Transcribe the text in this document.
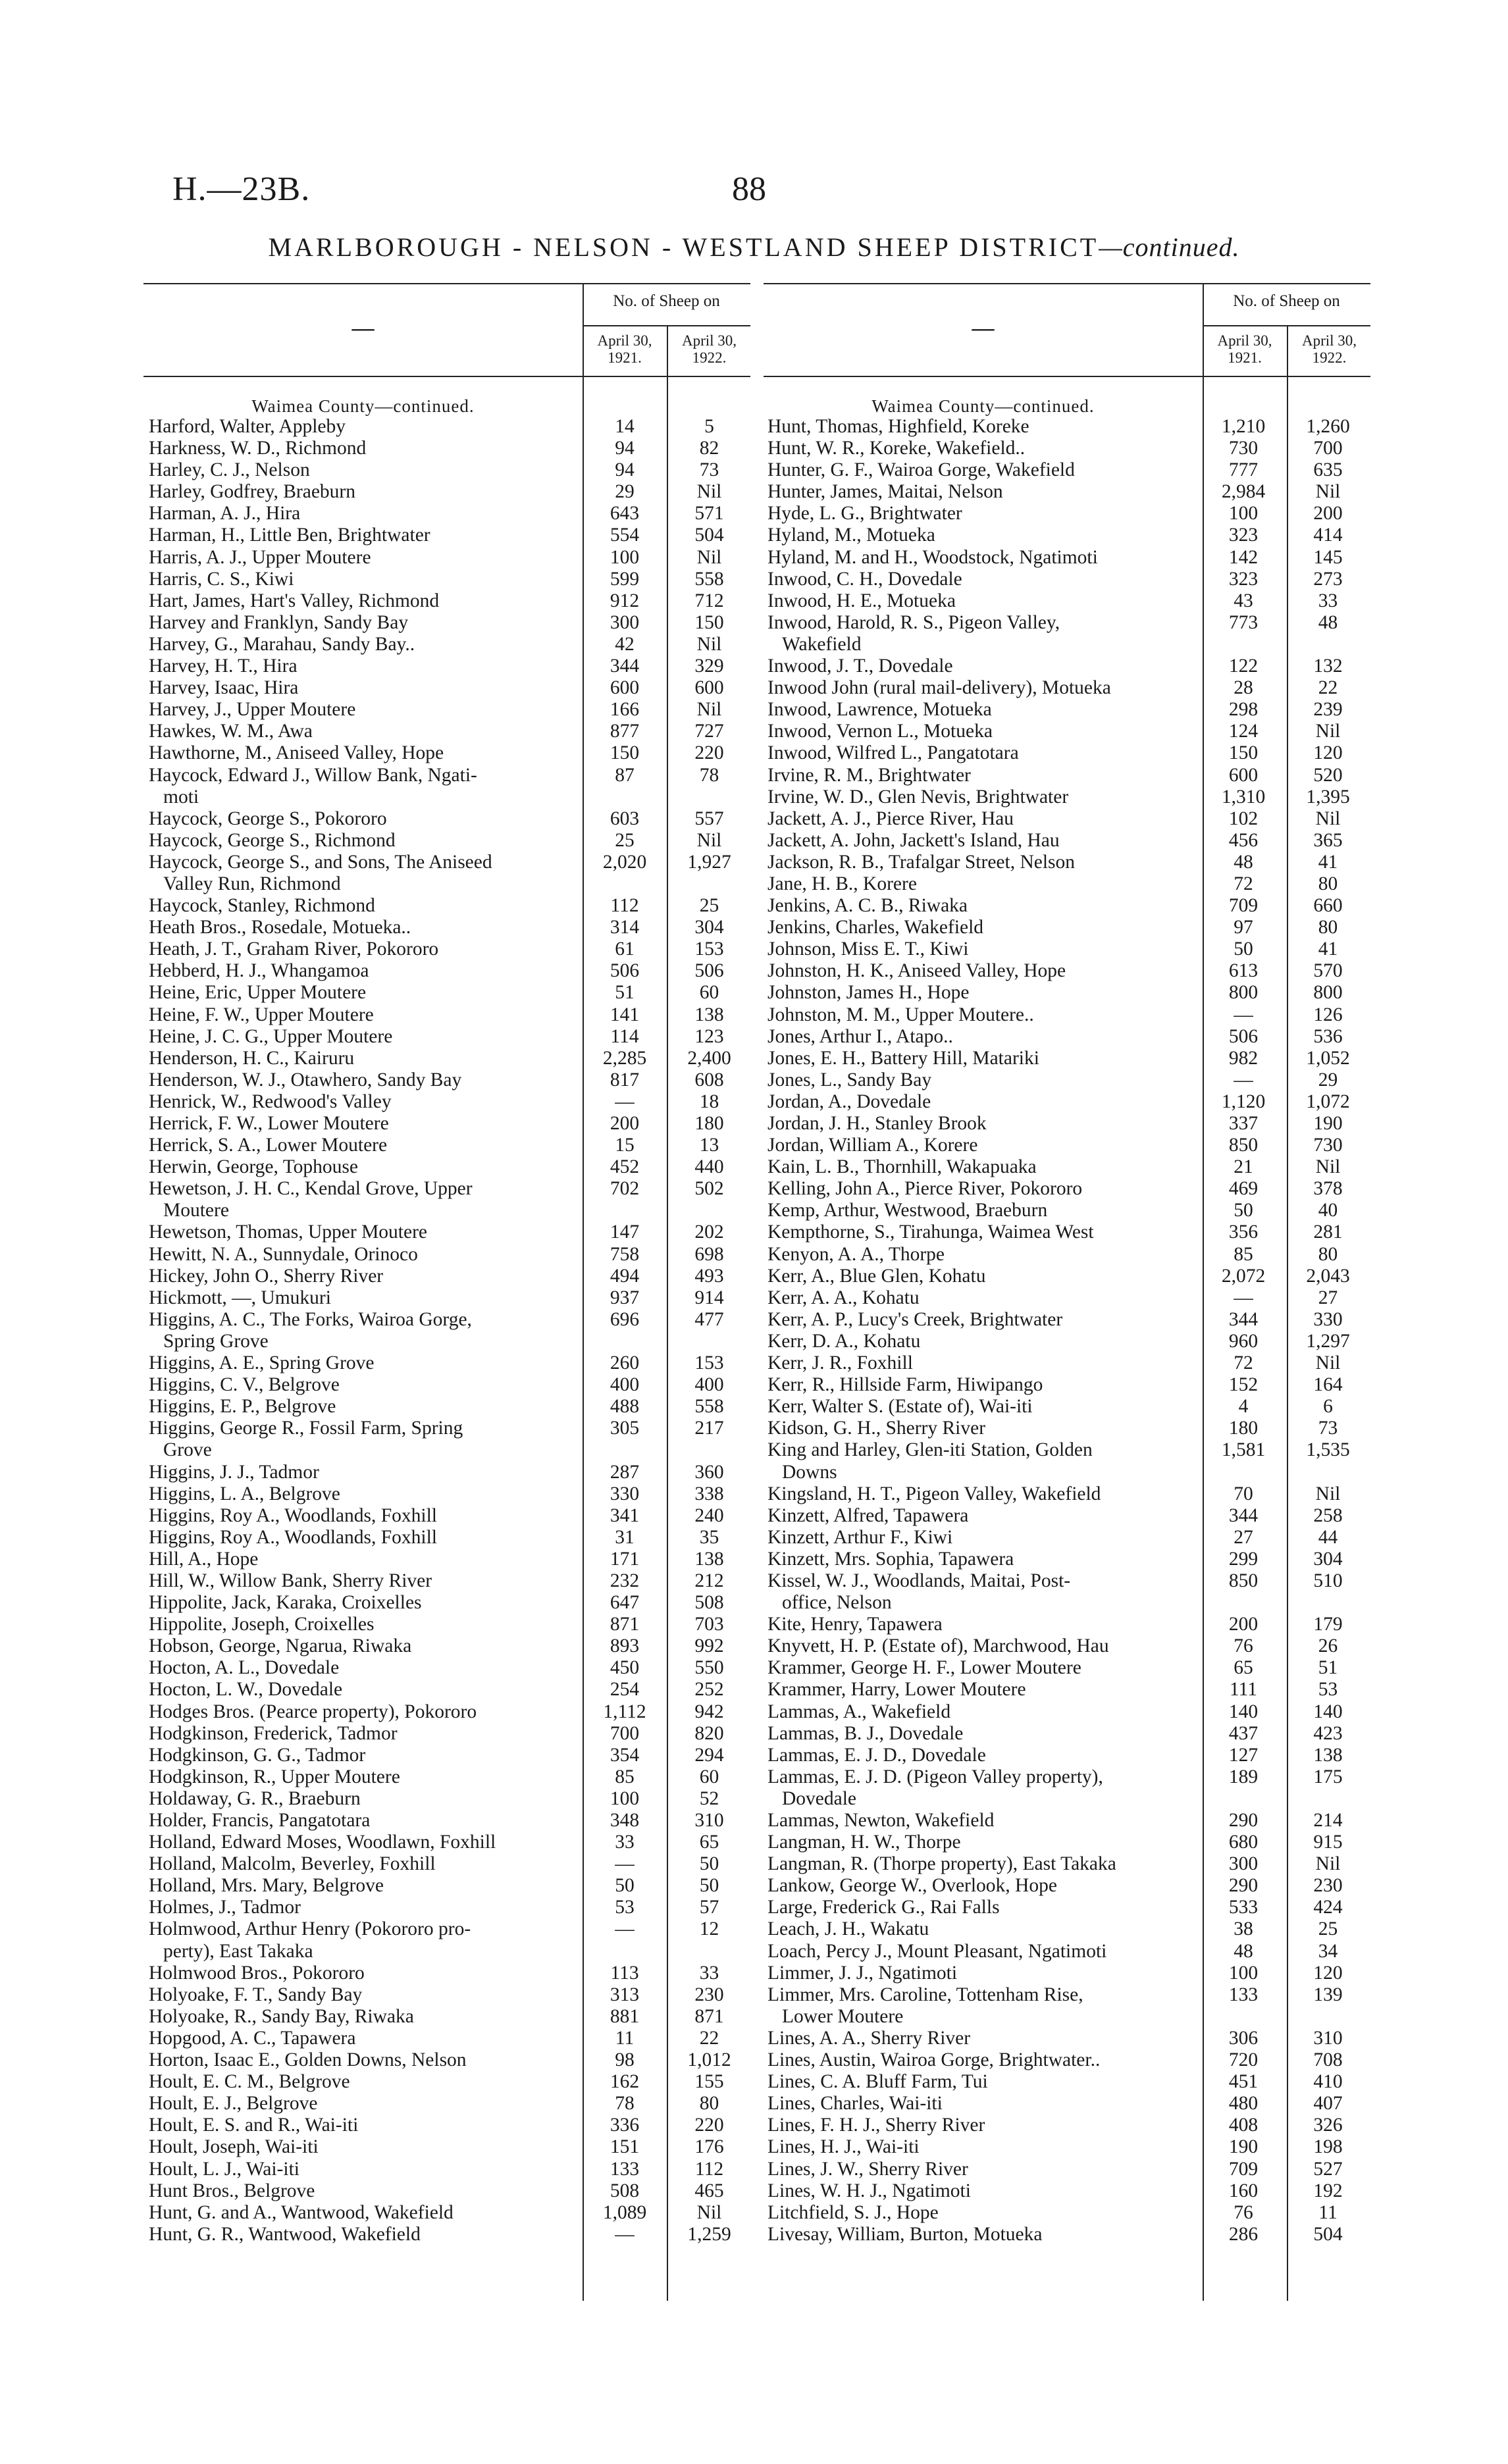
H.—23B.	88
MARLBOROUGH - NELSON - WESTLAND SHEEP DISTRICT—continued.
No. of Sheep on
April 30, 1921.
April 30, 1922.
—
Waimea County—continued.
No. of Sheep on
April 30, 1921.
April 30, 1922.
—
Waimea County—continued.
Harford, Walter, Appleby	14	5
Harkness, W. D., Richmond	94	82
Harley, C. J., Nelson	94	73
Harley, Godfrey, Braeburn	29	Nil
Harman, A. J., Hira	643	571
Harman, H., Little Ben, Brightwater	554	504
Harris, A. J., Upper Moutere	100	Nil
Harris, C. S., Kiwi	599	558
Hart, James, Hart's Valley, Richmond	912	712
Harvey and Franklyn, Sandy Bay	300	150
Harvey, G., Marahau, Sandy Bay..	42	Nil
Harvey, H. T., Hira	344	329
Harvey, Isaac, Hira	600	600
Harvey, J., Upper Moutere	166	Nil
Hawkes, W. M., Awa	877	727
Hawthorne, M., Aniseed Valley, Hope	150	220
Haycock, Edward J., Willow Bank, Ngati-	87	78
moti
Haycock, George S., Pokororo	603	557
Haycock, George S., Richmond	25	Nil
Haycock, George S., and Sons, The Aniseed	2,020	1,927
Valley Run, Richmond
Haycock, Stanley, Richmond	112	25
Heath Bros., Rosedale, Motueka..	314	304
Heath, J. T., Graham River, Pokororo	61	153
Hebberd, H. J., Whangamoa	506	506
Heine, Eric, Upper Moutere	51	60
Heine, F. W., Upper Moutere	141	138
Heine, J. C. G., Upper Moutere	114	123
Henderson, H. C., Kairuru	2,285	2,400
Henderson, W. J., Otawhero, Sandy Bay	817	608
Henrick, W., Redwood's Valley	—	18
Herrick, F. W., Lower Moutere	200	180
Herrick, S. A., Lower Moutere	15	13
Herwin, George, Tophouse	452	440
Hewetson, J. H. C., Kendal Grove, Upper	702	502
Moutere
Hewetson, Thomas, Upper Moutere	147	202
Hewitt, N. A., Sunnydale, Orinoco	758	698
Hickey, John O., Sherry River	494	493
Hickmott, —, Umukuri	937	914
Higgins, A. C., The Forks, Wairoa Gorge,	696	477
Spring Grove
Higgins, A. E., Spring Grove	260	153
Higgins, C. V., Belgrove	400	400
Higgins, E. P., Belgrove	488	558
Higgins, George R., Fossil Farm, Spring	305	217
Grove
Higgins, J. J., Tadmor	287	360
Higgins, L. A., Belgrove	330	338
Higgins, Roy A., Woodlands, Foxhill	341	240
Higgins, Roy A., Woodlands, Foxhill	31	35
Hill, A., Hope	171	138
Hill, W., Willow Bank, Sherry River	232	212
Hippolite, Jack, Karaka, Croixelles	647	508
Hippolite, Joseph, Croixelles	871	703
Hobson, George, Ngarua, Riwaka	893	992
Hocton, A. L., Dovedale	450	550
Hocton, L. W., Dovedale	254	252
Hodges Bros. (Pearce property), Pokororo	1,112	942
Hodgkinson, Frederick, Tadmor	700	820
Hodgkinson, G. G., Tadmor	354	294
Hodgkinson, R., Upper Moutere	85	60
Holdaway, G. R., Braeburn	100	52
Holder, Francis, Pangatotara	348	310
Holland, Edward Moses, Woodlawn, Foxhill	33	65
Holland, Malcolm, Beverley, Foxhill	—	50
Holland, Mrs. Mary, Belgrove	50	50
Holmes, J., Tadmor	53	57
Holmwood, Arthur Henry (Pokororo pro-	—	12
perty), East Takaka
Holmwood Bros., Pokororo	113	33
Holyoake, F. T., Sandy Bay	313	230
Holyoake, R., Sandy Bay, Riwaka	881	871
Hopgood, A. C., Tapawera	11	22
Horton, Isaac E., Golden Downs, Nelson	98	1,012
Hoult, E. C. M., Belgrove	162	155
Hoult, E. J., Belgrove	78	80
Hoult, E. S. and R., Wai-iti	336	220
Hoult, Joseph, Wai-iti	151	176
Hoult, L. J., Wai-iti	133	112
Hunt Bros., Belgrove	508	465
Hunt, G. and A., Wantwood, Wakefield	1,089	Nil
Hunt, G. R., Wantwood, Wakefield	—	1,259
Hunt, Thomas, Highfield, Koreke	1,210	1,260
Hunt, W. R., Koreke, Wakefield..	730	700
Hunter, G. F., Wairoa Gorge, Wakefield	777	635
Hunter, James, Maitai, Nelson	2,984	Nil
Hyde, L. G., Brightwater	100	200
Hyland, M., Motueka	323	414
Hyland, M. and H., Woodstock, Ngatimoti	142	145
Inwood, C. H., Dovedale	323	273
Inwood, H. E., Motueka	43	33
Inwood, Harold, R. S., Pigeon Valley,	773	48
Wakefield
Inwood, J. T., Dovedale	122	132
Inwood John (rural mail-delivery), Motueka	28	22
Inwood, Lawrence, Motueka	298	239
Inwood, Vernon L., Motueka	124	Nil
Inwood, Wilfred L., Pangatotara	150	120
Irvine, R. M., Brightwater	600	520
Irvine, W. D., Glen Nevis, Brightwater	1,310	1,395
Jackett, A. J., Pierce River, Hau	102	Nil
Jackett, A. John, Jackett's Island, Hau	456	365
Jackson, R. B., Trafalgar Street, Nelson	48	41
Jane, H. B., Korere	72	80
Jenkins, A. C. B., Riwaka	709	660
Jenkins, Charles, Wakefield	97	80
Johnson, Miss E. T., Kiwi	50	41
Johnston, H. K., Aniseed Valley, Hope	613	570
Johnston, James H., Hope	800	800
Johnston, M. M., Upper Moutere..	—	126
Jones, Arthur I., Atapo..	506	536
Jones, E. H., Battery Hill, Matariki	982	1,052
Jones, L., Sandy Bay	—	29
Jordan, A., Dovedale	1,120	1,072
Jordan, J. H., Stanley Brook	337	190
Jordan, William A., Korere	850	730
Kain, L. B., Thornhill, Wakapuaka	21	Nil
Kelling, John A., Pierce River, Pokororo	469	378
Kemp, Arthur, Westwood, Braeburn	50	40
Kempthorne, S., Tirahunga, Waimea West	356	281
Kenyon, A. A., Thorpe	85	80
Kerr, A., Blue Glen, Kohatu	2,072	2,043
Kerr, A. A., Kohatu	—	27
Kerr, A. P., Lucy's Creek, Brightwater	344	330
Kerr, D. A., Kohatu	960	1,297
Kerr, J. R., Foxhill	72	Nil
Kerr, R., Hillside Farm, Hiwipango	152	164
Kerr, Walter S. (Estate of), Wai-iti	4	6
Kidson, G. H., Sherry River	180	73
King and Harley, Glen-iti Station, Golden	1,581	1,535
Downs
Kingsland, H. T., Pigeon Valley, Wakefield	70	Nil
Kinzett, Alfred, Tapawera	344	258
Kinzett, Arthur F., Kiwi	27	44
Kinzett, Mrs. Sophia, Tapawera	299	304
Kissel, W. J., Woodlands, Maitai, Post-	850	510
office, Nelson
Kite, Henry, Tapawera	200	179
Knyvett, H. P. (Estate of), Marchwood, Hau	76	26
Krammer, George H. F., Lower Moutere	65	51
Krammer, Harry, Lower Moutere	111	53
Lammas, A., Wakefield	140	140
Lammas, B. J., Dovedale	437	423
Lammas, E. J. D., Dovedale	127	138
Lammas, E. J. D. (Pigeon Valley property),	189	175
Dovedale
Lammas, Newton, Wakefield	290	214
Langman, H. W., Thorpe	680	915
Langman, R. (Thorpe property), East Takaka	300	Nil
Lankow, George W., Overlook, Hope	290	230
Large, Frederick G., Rai Falls	533	424
Leach, J. H., Wakatu	38	25
Loach, Percy J., Mount Pleasant, Ngatimoti	48	34
Limmer, J. J., Ngatimoti	100	120
Limmer, Mrs. Caroline, Tottenham Rise,	133	139
Lower Moutere
Lines, A. A., Sherry River	306	310
Lines, Austin, Wairoa Gorge, Brightwater..	720	708
Lines, C. A. Bluff Farm, Tui	451	410
Lines, Charles, Wai-iti	480	407
Lines, F. H. J., Sherry River	408	326
Lines, H. J., Wai-iti	190	198
Lines, J. W., Sherry River	709	527
Lines, W. H. J., Ngatimoti	160	192
Litchfield, S. J., Hope	76	11
Livesay, William, Burton, Motueka	286	504
